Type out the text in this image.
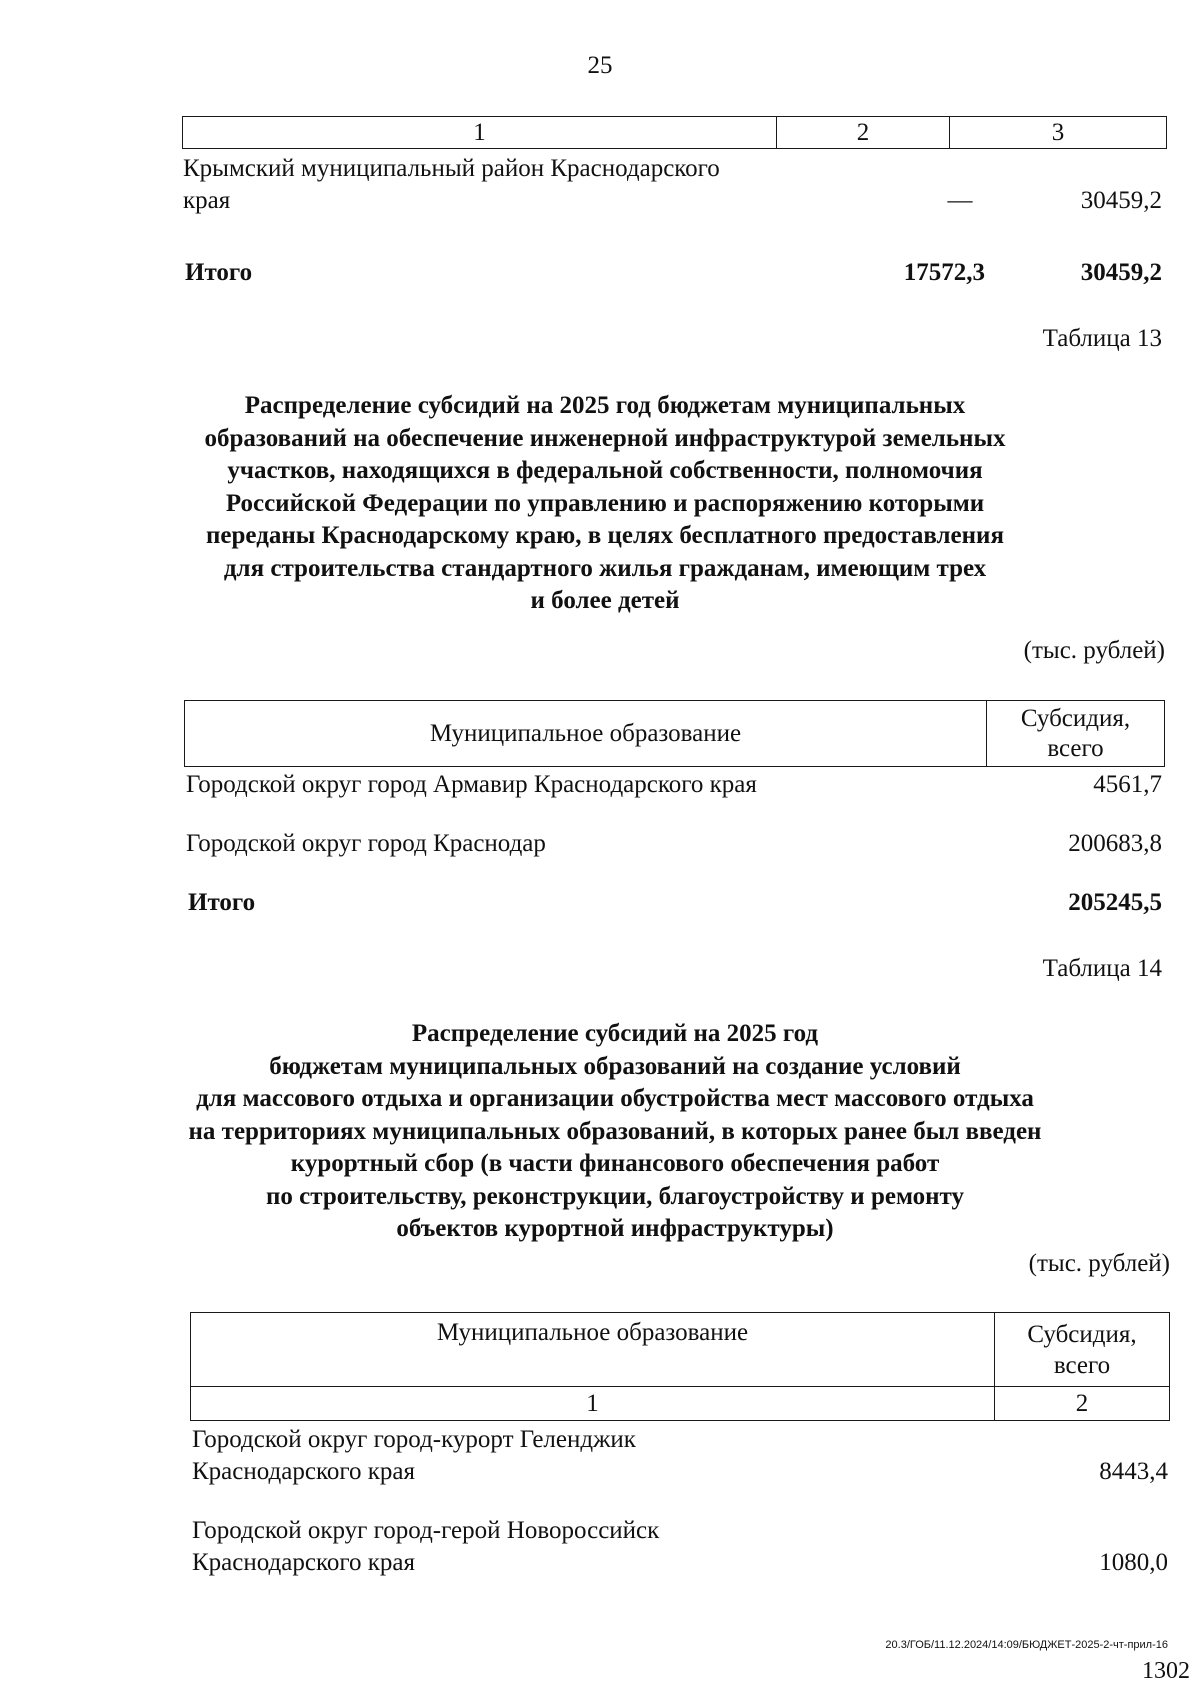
25
1	2	3
Крымский муниципальный район Краснодарского
края	—	30459,2
Итого	17572,3	30459,2
Таблица 13
Распределение субсидий на 2025 год бюджетам муниципальных
образований на обеспечение инженерной инфраструктурой земельных
участков, находящихся в федеральной собственности, полномочия
Российской Федерации по управлению и распоряжению которыми
переданы Краснодарскому краю, в целях бесплатного предоставления
для строительства стандартного жилья гражданам, имеющим трех
и более детей
(тыс. рублей)
Муниципальное образование	
Субсидия,
всего
Городской округ город Армавир Краснодарского края	4561,7
Городской округ город Краснодар	200683,8
Итого	205245,5
Таблица 14
Распределение субсидий на 2025 год
бюджетам муниципальных образований на создание условий
для массового отдыха и организации обустройства мест массового отдыха
на территориях муниципальных образований, в которых ранее был введен
курортный сбор (в части финансового обеспечения работ
по строительству, реконструкции, благоустройству и ремонту
объектов курортной инфраструктуры)
(тыс. рублей)
Муниципальное образование	Субсидия,
всего

1	2
Городской округ город-курорт Геленджик
Краснодарского края	8443,4
Городской округ город-герой Новороссийск
Краснодарского края	1080,0
20.3/ГОБ/11.12.2024/14:09/БЮДЖЕТ-2025-2-чт-прил-16
1302
